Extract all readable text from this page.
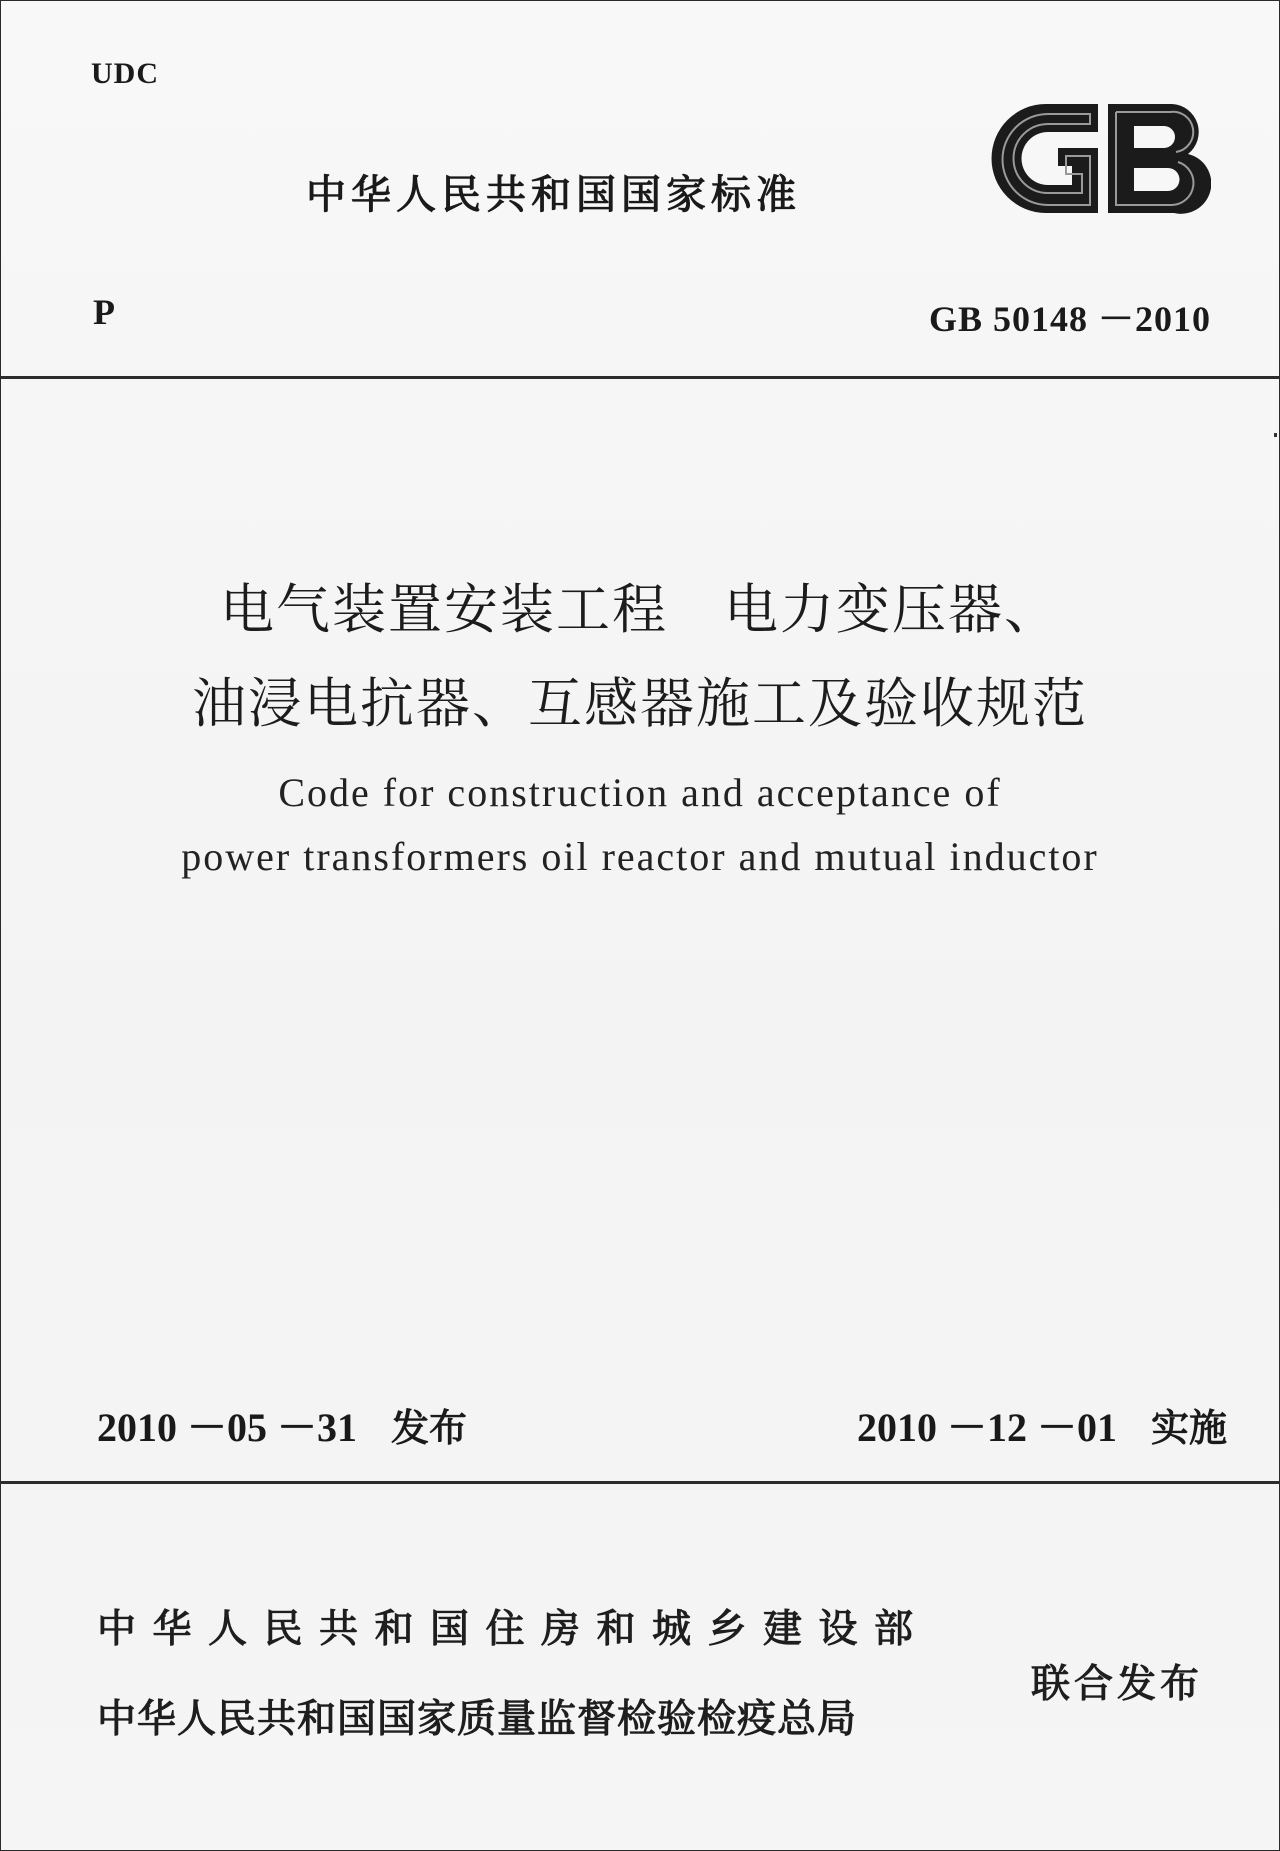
UDC
中华人民共和国国家标准
GB
P	GB 50148 －2010
电气装置安装工程　电力变压器、
油浸电抗器、互感器施工及验收规范
Code for construction and acceptance of
power transformers oil reactor and mutual inductor
2010 －05 －31 发布	2010 －12 －01 实施
中华人民共和国住房和城乡建设部
中华人民共和国国家质量监督检验检疫总局
联合发布
